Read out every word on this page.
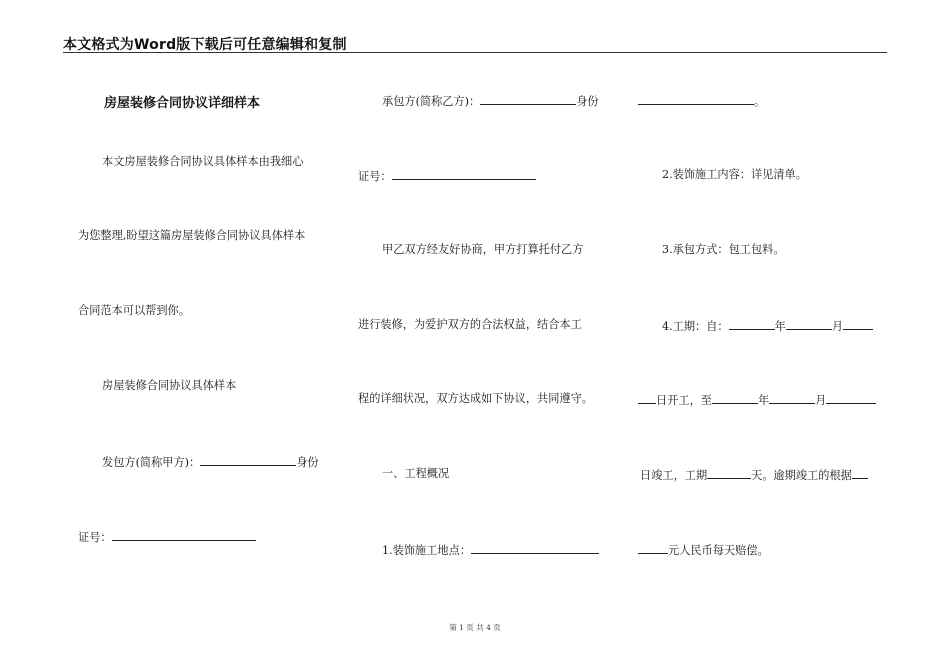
本文格式为Word版下载后可任意编辑和复制
房屋装修合同协议详细样本
本文房屋装修合同协议具体样本由我细心
为您整理,盼望这篇房屋装修合同协议具体样本
合同范本可以帮到你。
房屋装修合同协议具体样本
发包方(简称甲方)：	身份
证号：
承包方(简称乙方)：	身份
证号：
甲乙双方经友好协商，甲方打算托付乙方
进行装修，为爱护双方的合法权益，结合本工
程的详细状况，双方达成如下协议，共同遵守。
一、工程概况
1.装饰施工地点：
。
2.装饰施工内容：详见清单。
3.承包方式：包工包料。
4.工期：自：	年	月
日开工，至	年	月
日竣工，工期	天。逾期竣工的根据
元人民币每天赔偿。
第 1 页 共 4 页
